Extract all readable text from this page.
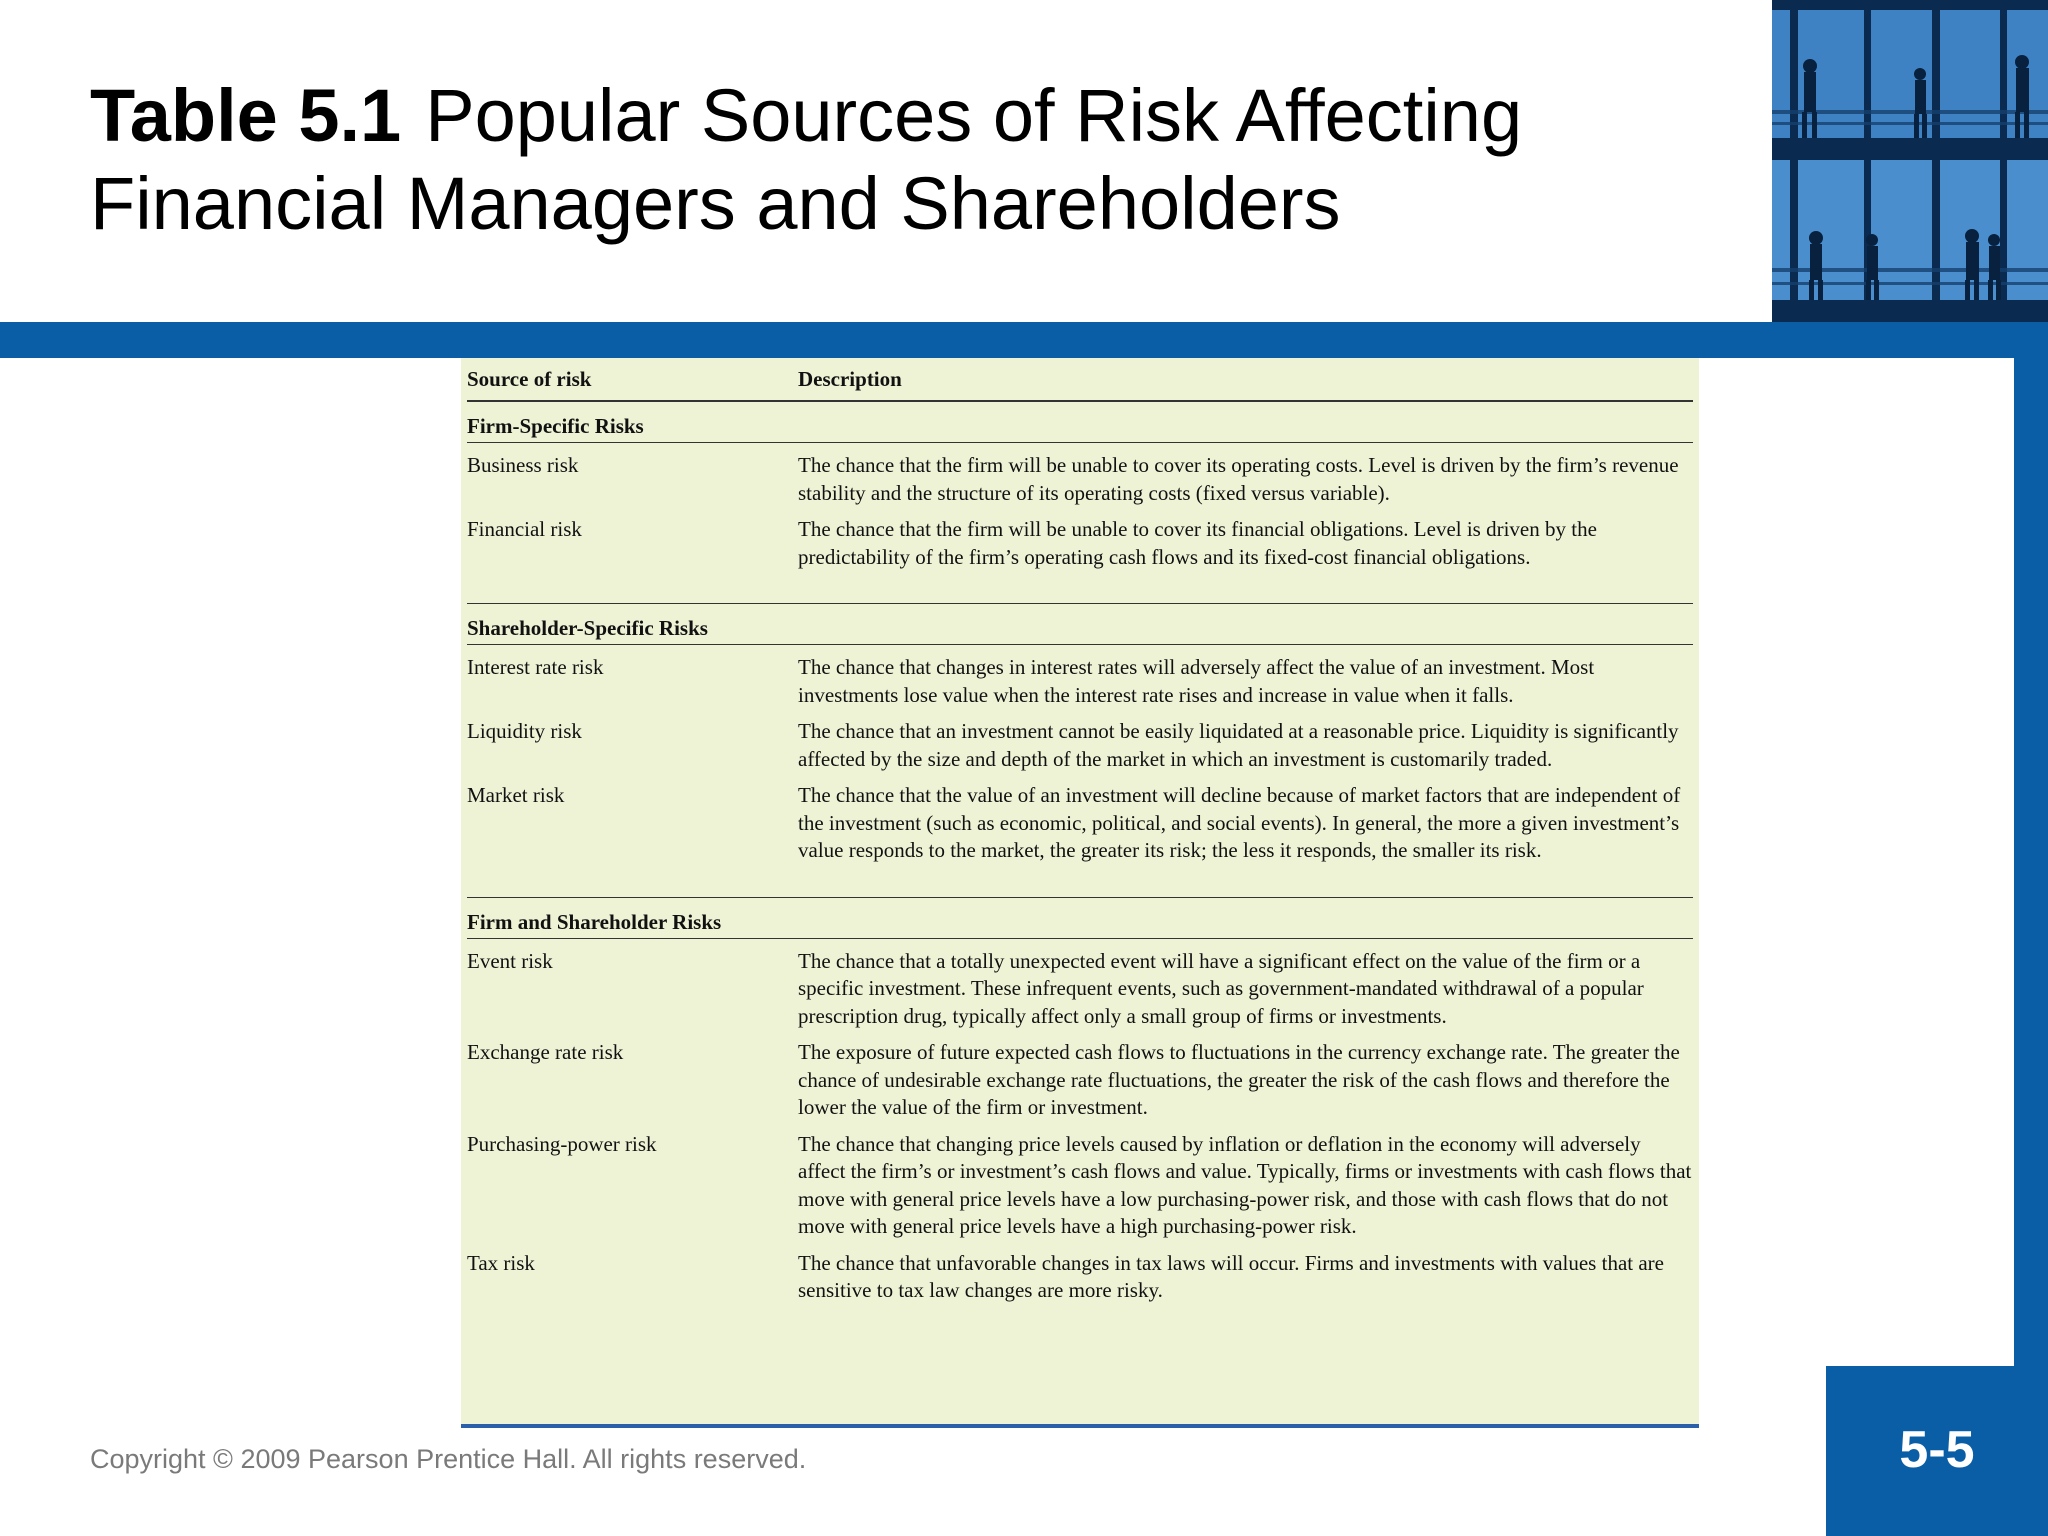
Table 5.1 Popular Sources of Risk Affecting Financial Managers and Shareholders
Source of risk	Description
Firm-Specific Risks
Business risk	The chance that the firm will be unable to cover its operating costs. Level is driven by the firm’s revenue stability and the structure of its operating costs (fixed versus variable).
Financial risk	The chance that the firm will be unable to cover its financial obligations. Level is driven by the predictability of the firm’s operating cash flows and its fixed-cost financial obligations.
Shareholder-Specific Risks
Interest rate risk	The chance that changes in interest rates will adversely affect the value of an investment. Most investments lose value when the interest rate rises and increase in value when it falls.
Liquidity risk	The chance that an investment cannot be easily liquidated at a reasonable price. Liquidity is significantly affected by the size and depth of the market in which an investment is customarily traded.
Market risk	The chance that the value of an investment will decline because of market factors that are independent of the investment (such as economic, political, and social events). In general, the more a given investment’s value responds to the market, the greater its risk; the less it responds, the smaller its risk.
Firm and Shareholder Risks
Event risk	The chance that a totally unexpected event will have a significant effect on the value of the firm or a specific investment. These infrequent events, such as government-mandated withdrawal of a popular prescription drug, typically affect only a small group of firms or investments.
Exchange rate risk	The exposure of future expected cash flows to fluctuations in the currency exchange rate. The greater the chance of undesirable exchange rate fluctuations, the greater the risk of the cash flows and therefore the lower the value of the firm or investment.
Purchasing-power risk	The chance that changing price levels caused by inflation or deflation in the economy will adversely affect the firm’s or investment’s cash flows and value. Typically, firms or investments with cash flows that move with general price levels have a low purchasing-power risk, and those with cash flows that do not move with general price levels have a high purchasing-power risk.
Tax risk	The chance that unfavorable changes in tax laws will occur. Firms and investments with values that are sensitive to tax law changes are more risky.
Copyright © 2009 Pearson Prentice Hall. All rights reserved.	5-5
